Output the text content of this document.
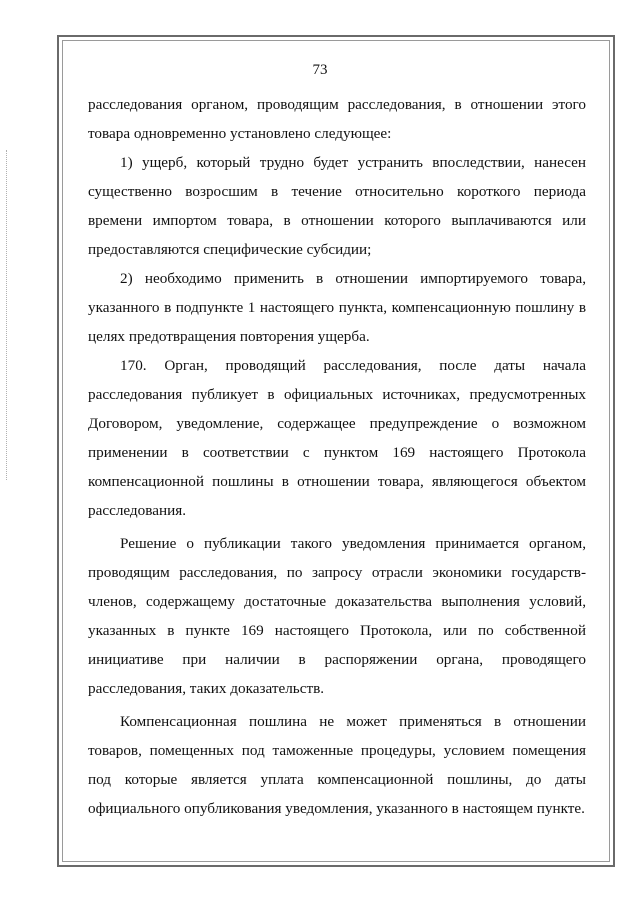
73

расследования органом, проводящим расследования, в отношении этого товара одновременно установлено следующее:

1) ущерб, который трудно будет устранить впоследствии, нанесен существенно возросшим в течение относительно короткого периода времени импортом товара, в отношении которого выплачиваются или предоставляются специфические субсидии;

2) необходимо применить в отношении импортируемого товара, указанного в подпункте 1 настоящего пункта, компенсационную пошлину в целях предотвращения повторения ущерба.

170. Орган, проводящий расследования, после даты начала расследования публикует в официальных источниках, предусмотренных Договором, уведомление, содержащее предупреждение о возможном применении в соответствии с пунктом 169 настоящего Протокола компенсационной пошлины в отношении товара, являющегося объектом расследования.

Решение о публикации такого уведомления принимается органом, проводящим расследования, по запросу отрасли экономики государств-членов, содержащему достаточные доказательства выполнения условий, указанных в пункте 169 настоящего Протокола, или по собственной инициативе при наличии в распоряжении органа, проводящего расследования, таких доказательств.

Компенсационная пошлина не может применяться в отношении товаров, помещенных под таможенные процедуры, условием помещения под которые является уплата компенсационной пошлины, до даты официального опубликования уведомления, указанного в настоящем пункте.
